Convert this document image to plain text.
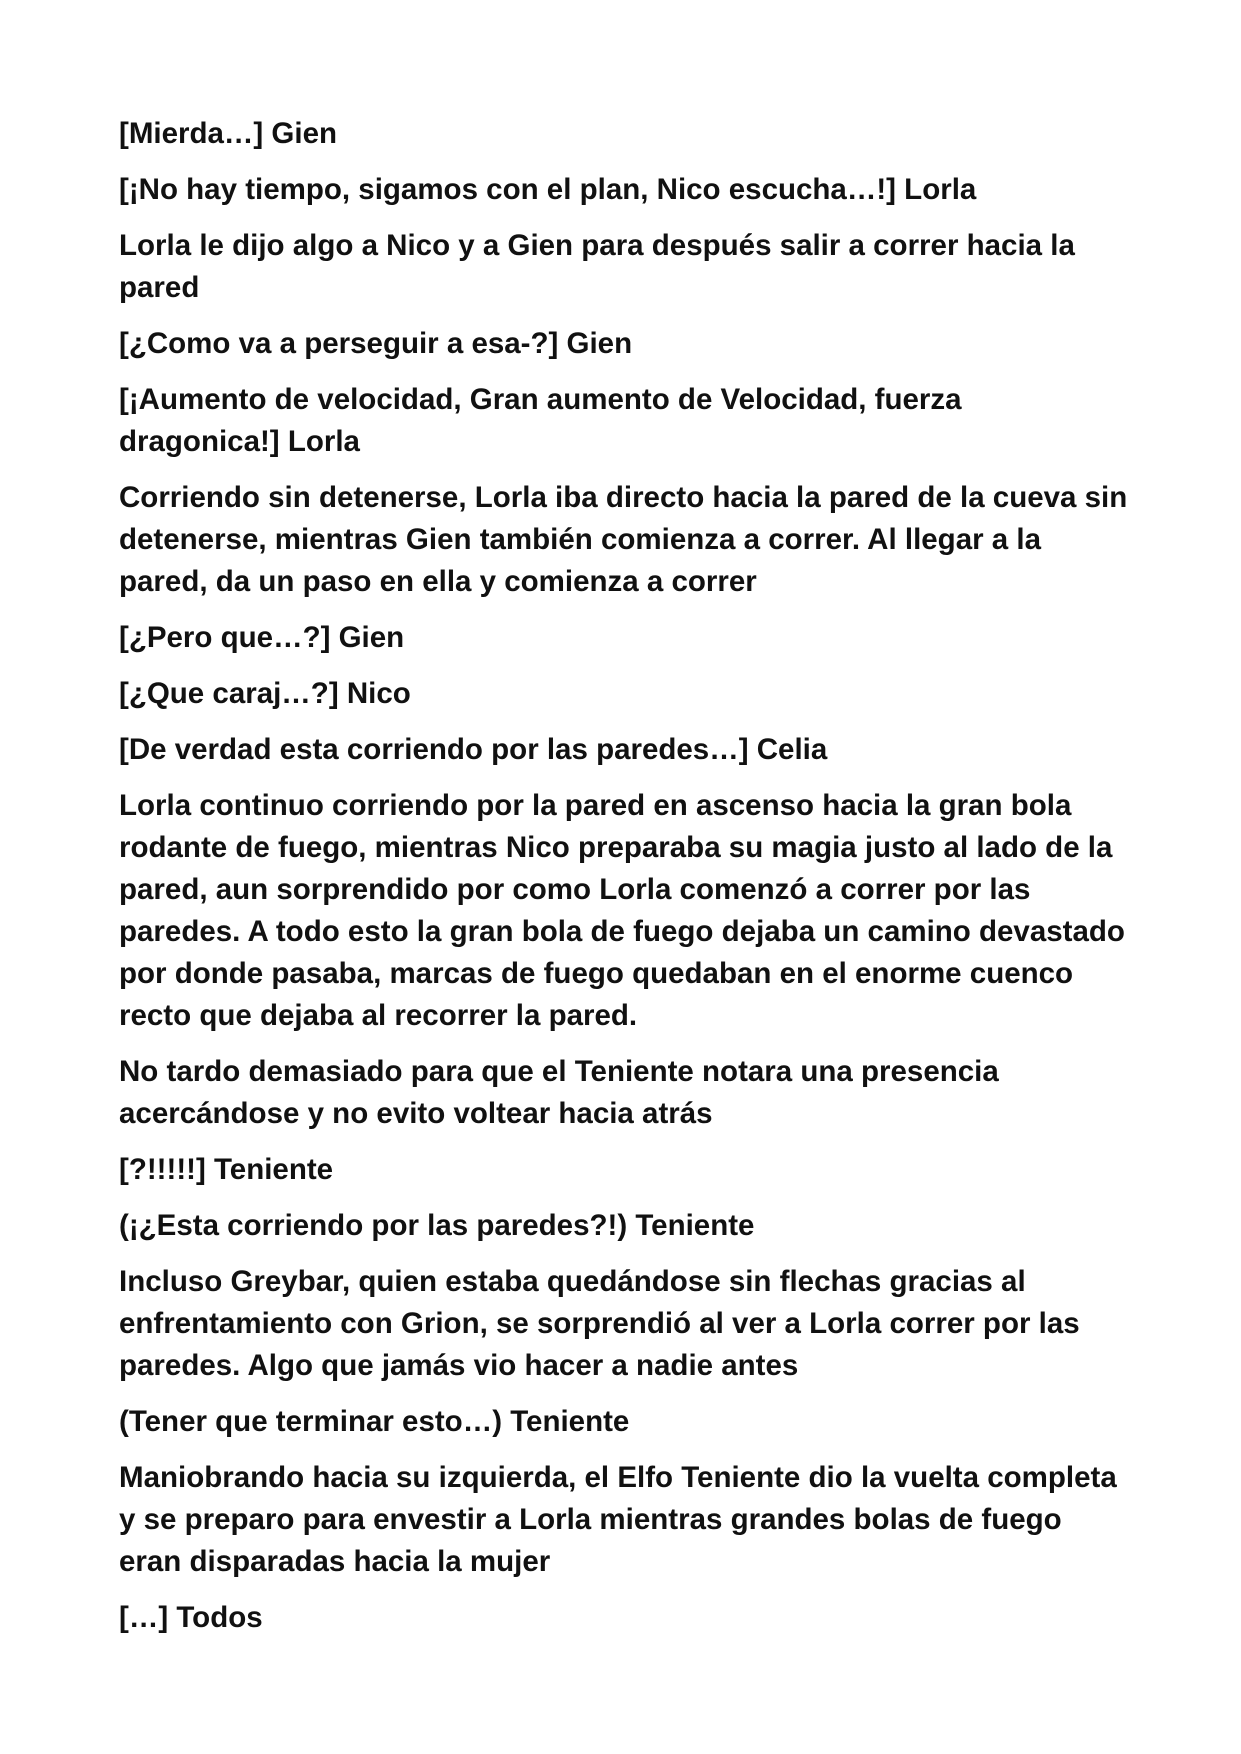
[Mierda…] Gien

[¡No hay tiempo, sigamos con el plan, Nico escucha…!] Lorla

Lorla le dijo algo a Nico y a Gien para después salir a correr hacia la pared

[¿Como va a perseguir a esa-?] Gien

[¡Aumento de velocidad, Gran aumento de Velocidad, fuerza dragonica!] Lorla

Corriendo sin detenerse, Lorla iba directo hacia la pared de la cueva sin detenerse, mientras Gien también comienza a correr. Al llegar a la pared, da un paso en ella y comienza a correr

[¿Pero que…?] Gien

[¿Que caraj…?] Nico

[De verdad esta corriendo por las paredes…] Celia

Lorla continuo corriendo por la pared en ascenso hacia la gran bola rodante de fuego, mientras Nico preparaba su magia justo al lado de la pared, aun sorprendido por como Lorla comenzó a correr por las paredes. A todo esto la gran bola de fuego dejaba un camino devastado por donde pasaba, marcas de fuego quedaban en el enorme cuenco recto que dejaba al recorrer la pared.

No tardo demasiado para que el Teniente notara una presencia acercándose y no evito voltear hacia atrás

[?!!!!!] Teniente

(¡¿Esta corriendo por las paredes?!) Teniente

Incluso Greybar, quien estaba quedándose sin flechas gracias al enfrentamiento con Grion, se sorprendió al ver a Lorla correr por las paredes. Algo que jamás vio hacer a nadie antes

(Tener que terminar esto…) Teniente

Maniobrando hacia su izquierda, el Elfo Teniente dio la vuelta completa y se preparo para envestir a Lorla mientras grandes bolas de fuego eran disparadas hacia la mujer

[…] Todos
